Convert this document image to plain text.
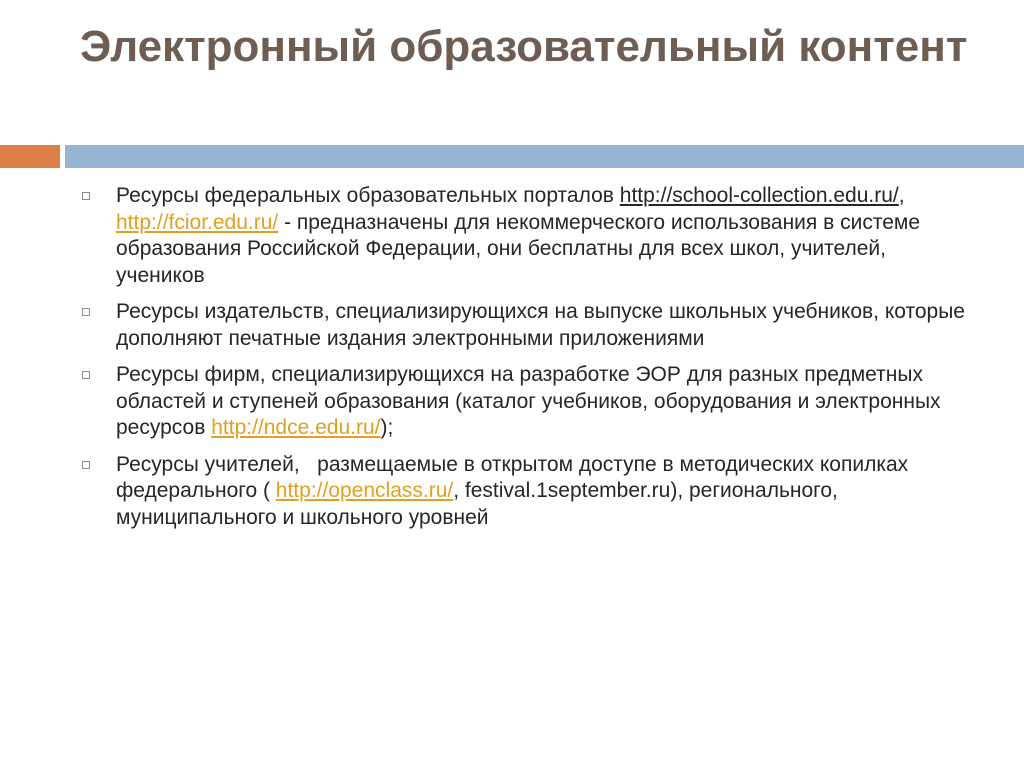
Электронный образовательный контент
Ресурсы федеральных образовательных порталов http://school-collection.edu.ru/,  http://fcior.edu.ru/ - предназначены для некоммерческого использования в системе образования Российской Федерации, они бесплатны для всех школ, учителей, учеников
Ресурсы издательств, специализирующихся на выпуске школьных учебников, которые дополняют печатные издания электронными приложениями
Ресурсы фирм, специализирующихся на разработке ЭОР для разных предметных областей и ступеней образования (каталог учебников, оборудования и электронных ресурсов http://ndce.edu.ru/);
Ресурсы учителей,   размещаемые в открытом доступе в методических копилках федерального ( http://openclass.ru/, festival.1september.ru), регионального, муниципального и школьного уровней
